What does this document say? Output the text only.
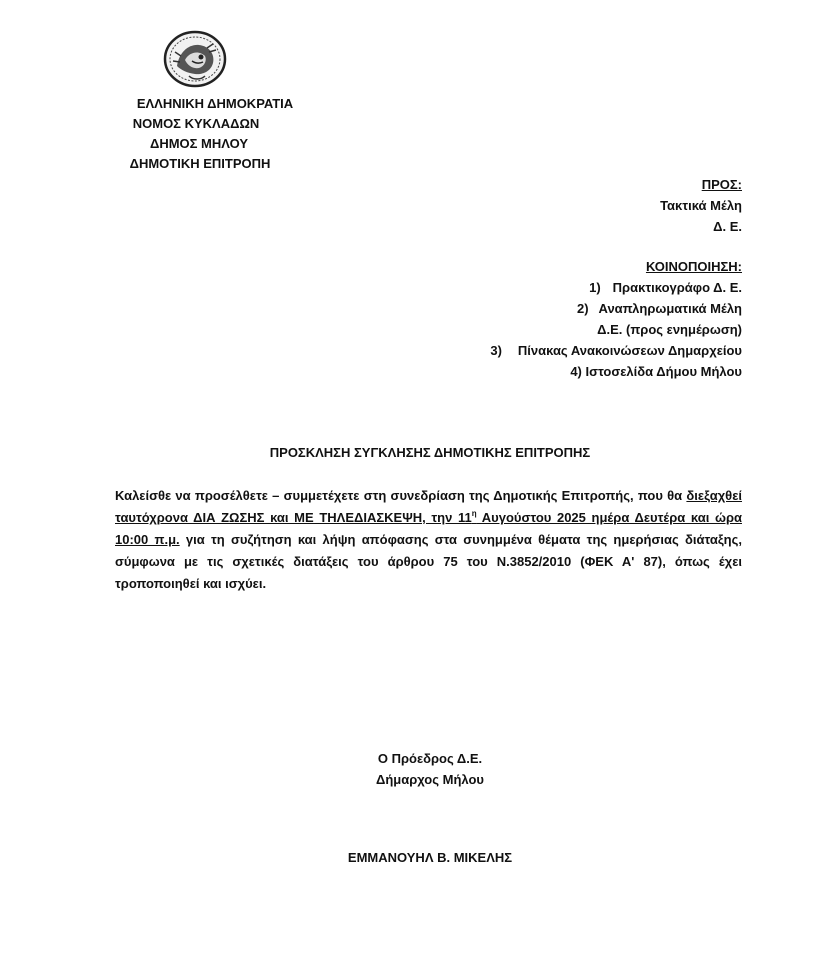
ΕΛΛΗΝΙΚΗ ΔΗΜΟΚΡΑΤΙΑ
ΝΟΜΟΣ ΚΥΚΛΑΔΩΝ
ΔΗΜΟΣ ΜΗΛΟΥ
ΔΗΜΟΤΙΚΗ ΕΠΙΤΡΟΠΗ
ΠΡΟΣ:
Τακτικά Μέλη
Δ. Ε.
ΚΟΙΝΟΠΟΙΗΣΗ:
1) Πρακτικογράφο Δ. Ε.
2) Αναπληρωματικά Μέλη
Δ.Ε. (προς ενημέρωση)
3) Πίνακας Ανακοινώσεων Δημαρχείου
4) Ιστοσελίδα Δήμου Μήλου
ΠΡΟΣΚΛΗΣΗ ΣΥΓΚΛΗΣΗΣ ΔΗΜΟΤΙΚΗΣ ΕΠΙΤΡΟΠΗΣ
Καλείσθε να προσέλθετε – συμμετέχετε στη συνεδρίαση της Δημοτικής Επιτροπής, που θα διεξαχθεί ταυτόχρονα ΔΙΑ ΖΩΣΗΣ και ΜΕ ΤΗΛΕΔΙΑΣΚΕΨΗ, την $11^\eta$ Αυγούστου 2025 ημέρα Δευτέρα και ώρα 10:00 π.μ. για τη συζήτηση και λήψη απόφασης στα συνημμένα θέματα της ημερήσιας διάταξης, σύμφωνα με τις σχετικές διατάξεις του άρθρου 75 του Ν.3852/2010 (ΦΕΚ Α' 87), όπως έχει τροποποιηθεί και ισχύει.
Ο Πρόεδρος Δ.Ε.
Δήμαρχος Μήλου
ΕΜΜΑΝΟΥΗΛ Β. ΜΙΚΕΛΗΣ
